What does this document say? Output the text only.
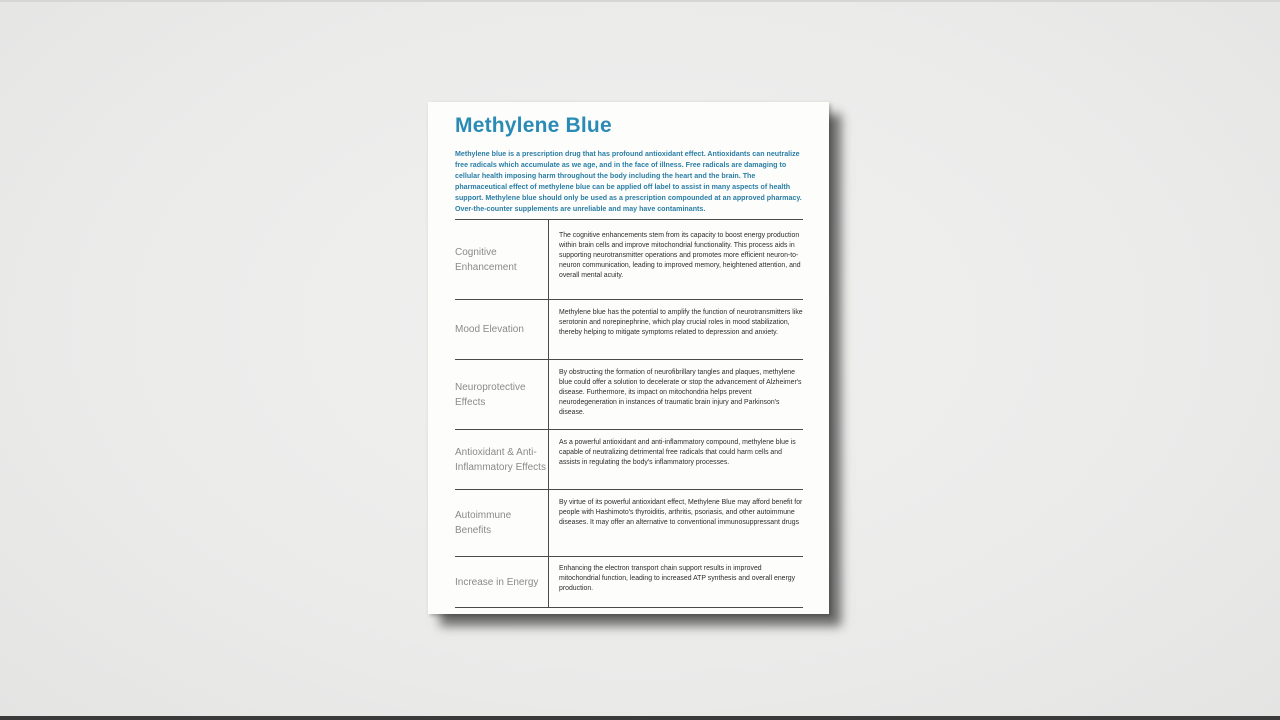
Methylene Blue
Methylene blue is a prescription drug that has profound antioxidant effect. Antioxidants can neutralize free radicals which accumulate as we age, and in the face of illness. Free radicals are damaging to cellular health imposing harm throughout the body including the heart and the brain. The pharmaceutical effect of methylene blue can be applied off label to assist in many aspects of health support. Methylene blue should only be used as a prescription compounded at an approved pharmacy. Over-the-counter supplements are unreliable and may have contaminants.
Cognitive Enhancement
The cognitive enhancements stem from its capacity to boost energy production within brain cells and improve mitochondrial functionality. This process aids in supporting neurotransmitter operations and promotes more efficient neuron-to-neuron communication, leading to improved memory, heightened attention, and overall mental acuity.
Mood Elevation
Methylene blue has the potential to amplify the function of neurotransmitters like serotonin and norepinephrine, which play crucial roles in mood stabilization, thereby helping to mitigate symptoms related to depression and anxiety.
Neuroprotective Effects
By obstructing the formation of neurofibrillary tangles and plaques, methylene blue could offer a solution to decelerate or stop the advancement of Alzheimer's disease. Furthermore, its impact on mitochondria helps prevent neurodegeneration in instances of traumatic brain injury and Parkinson's disease.
Antioxidant & Anti-Inflammatory Effects
As a powerful antioxidant and anti-inflammatory compound, methylene blue is capable of neutralizing detrimental free radicals that could harm cells and assists in regulating the body's inflammatory processes.
Autoimmune Benefits
By virtue of its powerful antioxidant effect, Methylene Blue may afford benefit for people with Hashimoto's thyroiditis, arthritis, psoriasis, and other autoimmune diseases. It may offer an alternative to conventional immunosuppressant drugs
Increase in Energy
Enhancing the electron transport chain support results in improved mitochondrial function, leading to increased ATP synthesis and overall energy production.
